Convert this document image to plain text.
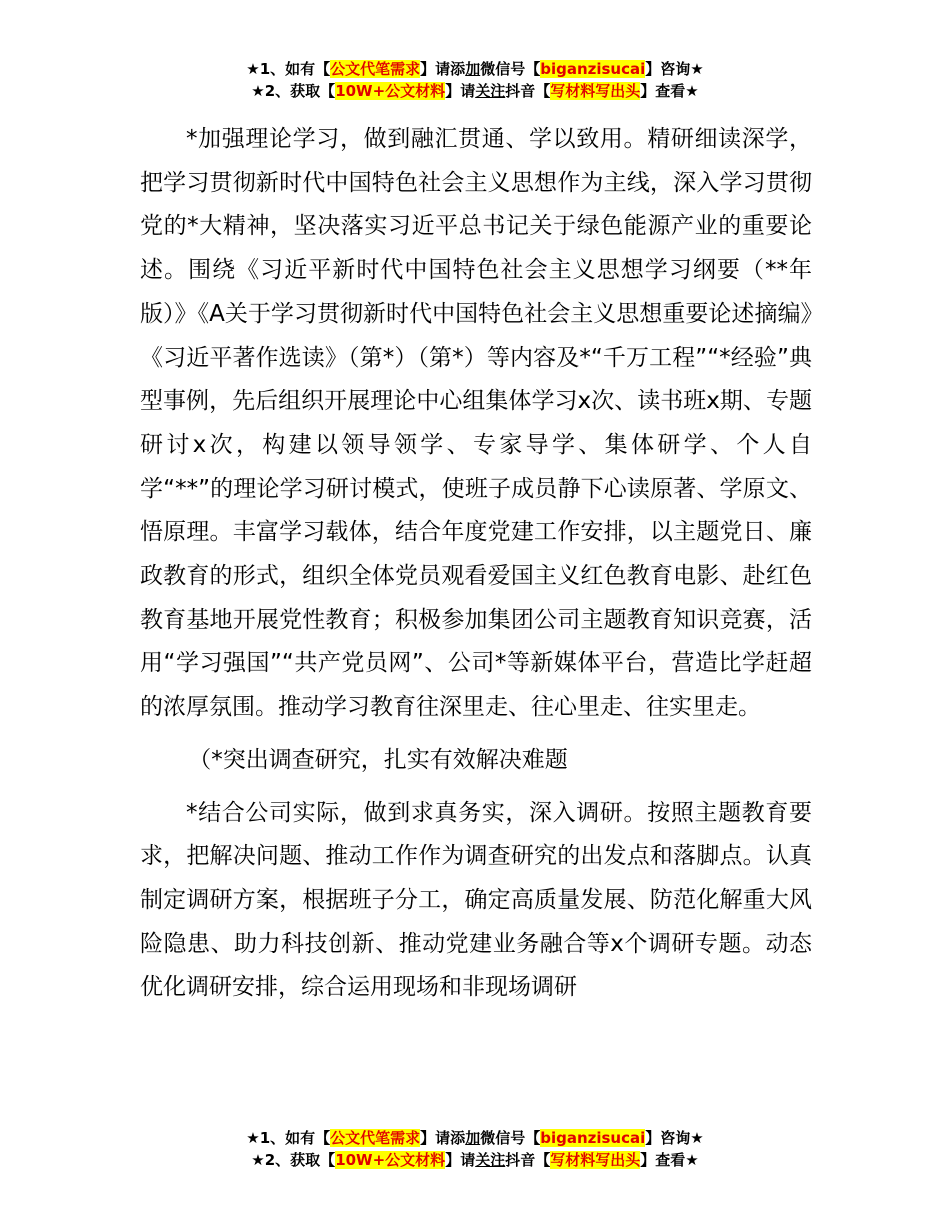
★1、如有【公文代笔需求】请添加微信号【biganzisucai】咨询★
★2、获取【10W+公文材料】请关注抖音【写材料写出头】查看★

*加强理论学习，做到融汇贯通、学以致用。精研细读深学，把学习贯彻新时代中国特色社会主义思想作为主线，深入学习贯彻党的*大精神，坚决落实习近平总书记关于绿色能源产业的重要论述。围绕《习近平新时代中国特色社会主义思想学习纲要（**年版）》《A关于学习贯彻新时代中国特色社会主义思想重要论述摘编》《习近平著作选读》（第*）（第*）等内容及*“千万工程”“*经验”典型事例，先后组织开展理论中心组集体学习x次、读书班x期、专题研讨x次，构建以领导领学、专家导学、集体研学、个人自学“**”的理论学习研讨模式，使班子成员静下心读原著、学原文、悟原理。丰富学习载体，结合年度党建工作安排，以主题党日、廉政教育的形式，组织全体党员观看爱国主义红色教育电影、赴红色教育基地开展党性教育；积极参加集团公司主题教育知识竞赛，活用“学习强国”“共产党员网”、公司*等新媒体平台，营造比学赶超的浓厚氛围。推动学习教育往深里走、往心里走、往实里走。

（*突出调查研究，扎实有效解决难题

*结合公司实际，做到求真务实，深入调研。按照主题教育要求，把解决问题、推动工作作为调查研究的出发点和落脚点。认真制定调研方案，根据班子分工，确定高质量发展、防范化解重大风险隐患、助力科技创新、推动党建业务融合等x个调研专题。动态优化调研安排，综合运用现场和非现场调研

★1、如有【公文代笔需求】请添加微信号【biganzisucai】咨询★
★2、获取【10W+公文材料】请关注抖音【写材料写出头】查看★
